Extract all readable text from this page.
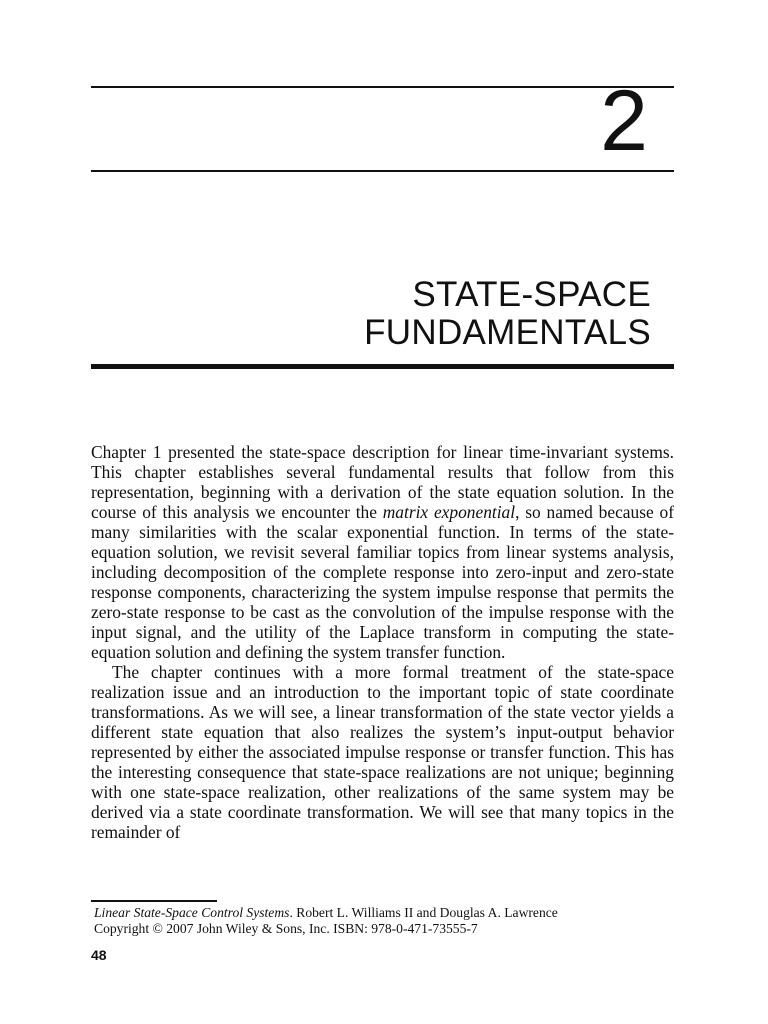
2
STATE-SPACE
FUNDAMENTALS

Chapter 1 presented the state-space description for linear time-invariant systems. This chapter establishes several fundamental results that follow from this representation, beginning with a derivation of the state equation solution. In the course of this analysis we encounter the matrix exponential, so named because of many similarities with the scalar exponential function. In terms of the state-equation solution, we revisit several familiar topics from linear systems analysis, including decomposition of the complete response into zero-input and zero-state response components, characterizing the system impulse response that permits the zero-state response to be cast as the convolution of the impulse response with the input signal, and the utility of the Laplace transform in computing the state-equation solution and defining the system transfer function.

The chapter continues with a more formal treatment of the state-space realization issue and an introduction to the important topic of state coordinate transformations. As we will see, a linear transformation of the state vector yields a different state equation that also realizes the system’s input-output behavior represented by either the associated impulse response or transfer function. This has the interesting consequence that state-space realizations are not unique; beginning with one state-space realization, other realizations of the same system may be derived via a state coordinate transformation. We will see that many topics in the remainder of

Linear State-Space Control Systems. Robert L. Williams II and Douglas A. Lawrence
Copyright © 2007 John Wiley & Sons, Inc. ISBN: 978-0-471-73555-7
48
